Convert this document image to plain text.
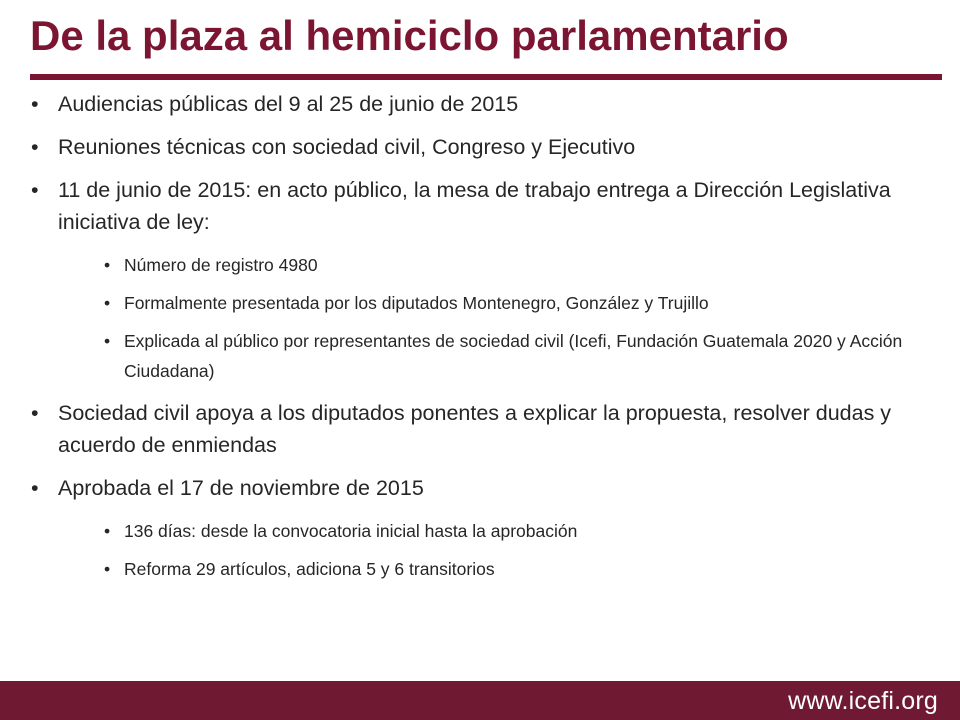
De la plaza al hemiciclo parlamentario
• Audiencias públicas del 9 al 25 de junio de 2015
• Reuniones técnicas con sociedad civil, Congreso y Ejecutivo
• 11 de junio de 2015: en acto público, la mesa de trabajo entrega a Dirección Legislativa iniciativa de ley:
• Número de registro 4980
• Formalmente presentada por los diputados Montenegro, González y Trujillo
• Explicada al público por representantes de sociedad civil (Icefi, Fundación Guatemala 2020 y Acción Ciudadana)
• Sociedad civil apoya a los diputados ponentes a explicar la propuesta, resolver dudas y acuerdo de enmiendas
• Aprobada el 17 de noviembre de 2015
• 136 días: desde la convocatoria inicial hasta la aprobación
• Reforma 29 artículos, adiciona 5 y 6 transitorios
www.icefi.org
